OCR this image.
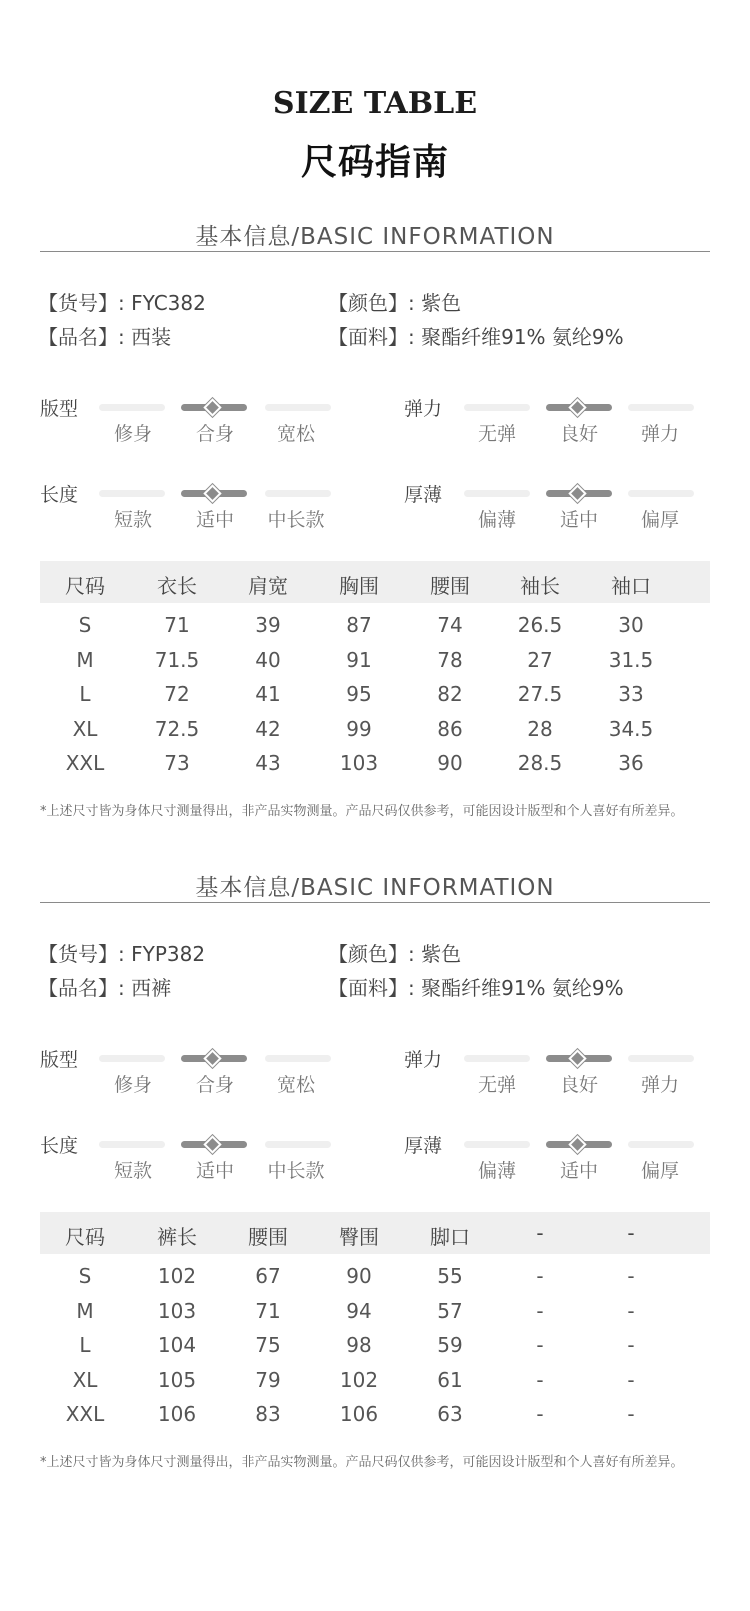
SIZE TABLE
尺码指南
基本信息/BASIC INFORMATION
【货号】: FYC382
【品名】: 西装
【颜色】: 紫色
【面料】: 聚酯纤维91% 氨纶9%
版型
修身	合身	宽松
弹力
无弹	良好	弹力
长度
短款	适中	中长款
厚薄
偏薄	适中	偏厚
尺码	衣长	肩宽	胸围	腰围	袖长	袖口
S	71	39	87	74	26.5	30
M	71.5	40	91	78	27	31.5
L	72	41	95	82	27.5	33
XL	72.5	42	99	86	28	34.5
XXL	73	43	103	90	28.5	36
*上述尺寸皆为身体尺寸测量得出，非产品实物测量。产品尺码仅供参考，可能因设计版型和个人喜好有所差异。
基本信息/BASIC INFORMATION
【货号】: FYP382
【品名】: 西裤
【颜色】: 紫色
【面料】: 聚酯纤维91% 氨纶9%
版型
修身	合身	宽松
弹力
无弹	良好	弹力
长度
短款	适中	中长款
厚薄
偏薄	适中	偏厚
尺码	裤长	腰围	臀围	脚口	-	-
S	102	67	90	55	-	-
M	103	71	94	57	-	-
L	104	75	98	59	-	-
XL	105	79	102	61	-	-
XXL	106	83	106	63	-	-
*上述尺寸皆为身体尺寸测量得出，非产品实物测量。产品尺码仅供参考，可能因设计版型和个人喜好有所差异。
